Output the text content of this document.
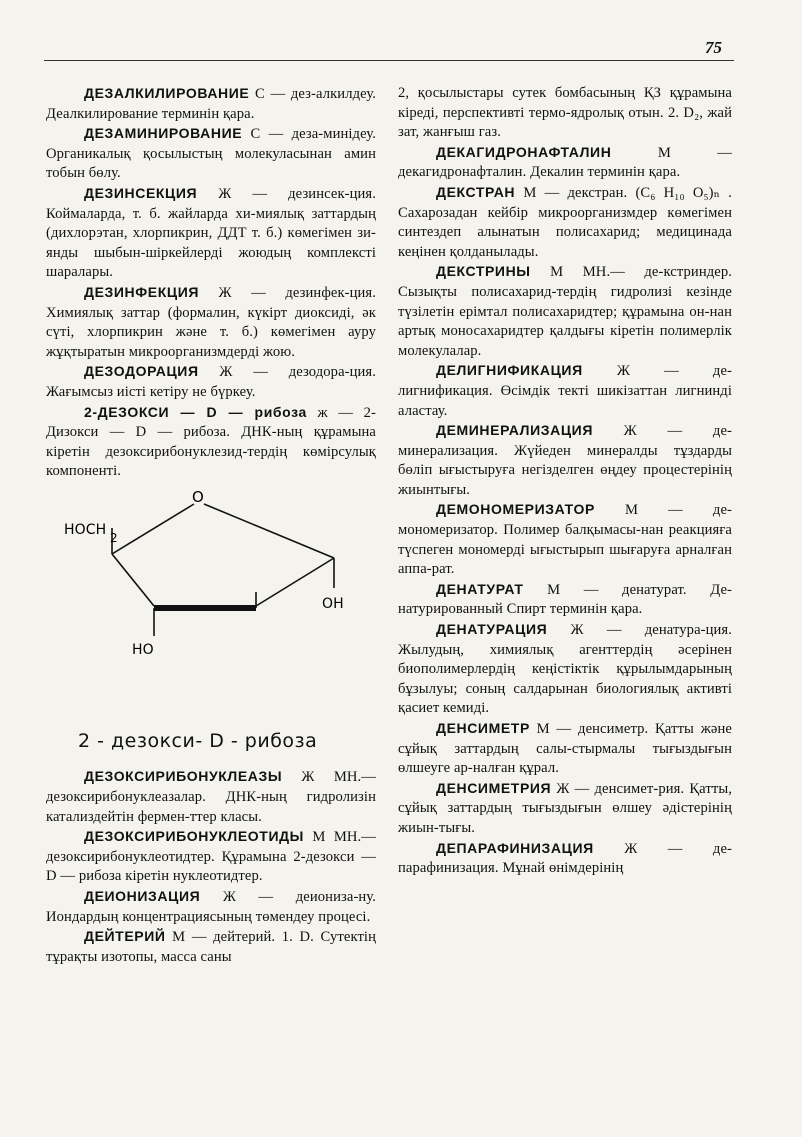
75

ДЕЗАЛКИЛИРОВАНИЕ С — дез-алкилдеу. Деалкилирование терминін қара.

ДЕЗАМИНИРОВАНИЕ С — деза-минідеу. Органикалық қосылыстың молекуласынан амин тобын бөлу.

ДЕЗИНСЕКЦИЯ Ж — дезинсек-ция. Коймаларда, т. б. жайларда хи-миялық заттардың (дихлорэтан, хлорпикрин, ДДТ т. б.) көмегімен зи-янды шыбын-шіркейлерді жоюдың комплексті шаралары.

ДЕЗИНФЕКЦИЯ Ж — дезинфек-ция. Химиялық заттар (формалин, күкірт диоксиді, әк сүті, хлорпикрин және т. б.) көмегімен ауру жұқтыратын микроорганизмдерді жою.

ДЕЗОДОРАЦИЯ Ж — дезодора-ция. Жағымсыз иісті кетіру не бүркеу.

2-ДЕЗОКСИ — D — рибоза ж — 2-Дизокси — D — рибоза. ДНК-ның құрамына кіретін дезоксирибонуклезид-тердің көмірсулық компоненті.

O
HOCH 2
OH
HO
2 - дезокси- D - рибоза

ДЕЗОКСИРИБОНУКЛЕАЗЫ Ж МН.— дезоксирибонуклеазалар. ДНК-ның гидролизін катализдейтін фермен-ттер класы.

ДЕЗОКСИРИБОНУКЛЕОТИДЫ М МН.— дезоксирибонуклеотидтер. Құрамына 2-дезокси — D — рибоза кіретін нуклеотидтер.

ДЕИОНИЗАЦИЯ Ж — деиониза-ну. Иондардың концентрациясының төмендеу процесі.

ДЕЙТЕРИЙ М — дейтерий. 1. D. Сутектің тұрақты изотопы, масса саны

2, қосылыстары сутек бомбасының ҚЗ құрамына кіреді, перспективті термо-ядролық отын. 2. D₂, жай зат, жанғыш газ.

ДЕКАГИДРОНАФТАЛИН М — декагидронафталин. Декалин терминін қара.

ДЕКСТРАН М — декстран. (C₆ H₁₀ O₅)ₙ . Сахарозадан кейбір микроорганизмдер көмегімен синтездеп алынатын полисахарид; медицинада кеңінен қолданылады.

ДЕКСТРИНЫ М МН.— де-кстриндер. Сызықты полисахарид-тердің гидролизі кезінде түзілетін ерімтал полисахаридтер; құрамына он-нан артық моносахаридтер қалдығы кіретін полимерлік молекулалар.

ДЕЛИГНИФИКАЦИЯ Ж — де-лигнификация. Өсімдік текті шикізаттан лигнинді аластау.

ДЕМИНЕРАЛИЗАЦИЯ Ж — де-минерализация. Жүйеден минералды тұздарды бөліп ығыстыруға негізделген өңдеу процестерінің жиынтығы.

ДЕМОНОМЕРИЗАТОР М — де-мономеризатор. Полимер балқымасы-нан реакцияға түспеген мономерді ығыстырып шығаруға арналған аппа-рат.

ДЕНАТУРАТ М — денатурат. Де-натурированный Спирт терминін қара.

ДЕНАТУРАЦИЯ Ж — денатура-ция. Жылудың, химиялық агенттердің әсерінен биополимерлердің кеңістіктік құрылымдарының бұзылуы; соның салдарынан биологиялық активті қасиет кемиді.

ДЕНСИМЕТР М — денсиметр. Қатты және сұйық заттардың салы-стырмалы тығыздығын өлшеуге ар-налған құрал.

ДЕНСИМЕТРИЯ Ж — денсимет-рия. Қатты, сұйық заттардың тығыздығын өлшеу әдістерінің жиын-тығы.

ДЕПАРАФИНИЗАЦИЯ Ж — де-парафинизация. Мұнай өнімдерінің
